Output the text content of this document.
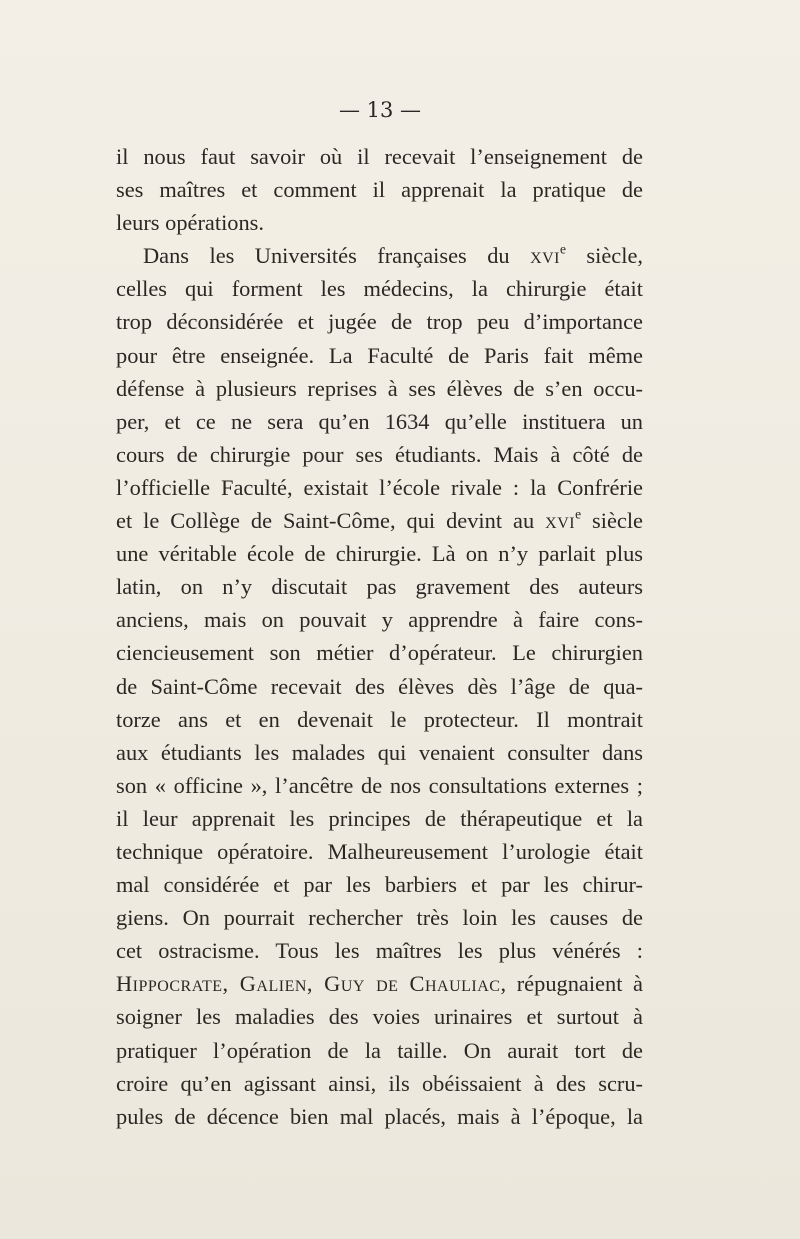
— 13 —
il nous faut savoir où il recevait l’enseignement de
ses maîtres et comment il apprenait la pratique de
leurs opérations.
Dans les Universités françaises du xvi$^e$ siècle,
celles qui forment les médecins, la chirurgie était
trop déconsidérée et jugée de trop peu d’importance
pour être enseignée. La Faculté de Paris fait même
défense à plusieurs reprises à ses élèves de s’en occu-
per, et ce ne sera qu’en 1634 qu’elle instituera un
cours de chirurgie pour ses étudiants. Mais à côté de
l’officielle Faculté, existait l’école rivale : la Confrérie
et le Collège de Saint-Côme, qui devint au xvi$^e$ siècle
une véritable école de chirurgie. Là on n’y parlait plus
latin, on n’y discutait pas gravement des auteurs
anciens, mais on pouvait y apprendre à faire cons-
ciencieusement son métier d’opérateur. Le chirurgien
de Saint-Côme recevait des élèves dès l’âge de qua-
torze ans et en devenait le protecteur. Il montrait
aux étudiants les malades qui venaient consulter dans
son « officine », l’ancêtre de nos consultations externes ;
il leur apprenait les principes de thérapeutique et la
technique opératoire. Malheureusement l’urologie était
mal considérée et par les barbiers et par les chirur-
giens. On pourrait rechercher très loin les causes de
cet ostracisme. Tous les maîtres les plus vénérés :
Hippocrate, Galien, Guy de Chauliac, répugnaient à
soigner les maladies des voies urinaires et surtout à
pratiquer l’opération de la taille. On aurait tort de
croire qu’en agissant ainsi, ils obéissaient à des scru-
pules de décence bien mal placés, mais à l’époque, la
